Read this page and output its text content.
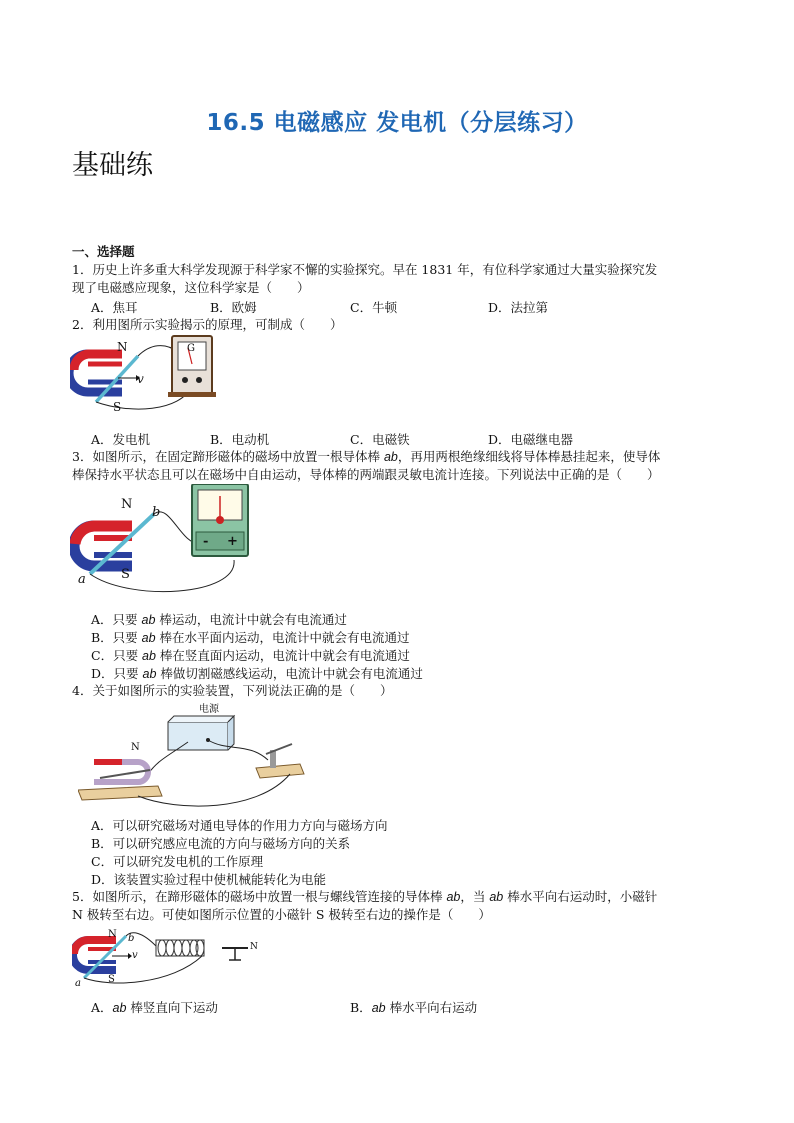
16.5 电磁感应 发电机（分层练习）
基础练
一、选择题
1．历史上许多重大科学发现源于科学家不懈的实验探究。早在 1831 年，有位科学家通过大量实验探究发
现了电磁感应现象，这位科学家是（　　）
A．焦耳	B．欧姆	C．牛顿	D．法拉第
2．利用图所示实验揭示的原理，可制成（　　）
N
S
v
G
A．发电机	B．电动机	C．电磁铁	D．电磁继电器
3．如图所示，在固定蹄形磁体的磁场中放置一根导体棒 ab，再用两根绝缘细线将导体棒悬挂起来，使导体
棒保持水平状态且可以在磁场中自由运动，导体棒的两端跟灵敏电流计连接。下列说法中正确的是（　　）
N
S
a
b
- +
A．只要 ab 棒运动，电流计中就会有电流通过
B．只要 ab 棒在水平面内运动，电流计中就会有电流通过
C．只要 ab 棒在竖直面内运动，电流计中就会有电流通过
D．只要 ab 棒做切割磁感线运动，电流计中就会有电流通过
4．关于如图所示的实验装置，下列说法正确的是（　　）
电源
N
A．可以研究磁场对通电导体的作用力方向与磁场方向
B．可以研究感应电流的方向与磁场方向的关系
C．可以研究发电机的工作原理
D．该装置实验过程中使机械能转化为电能
5．如图所示，在蹄形磁体的磁场中放置一根与螺线管连接的导体棒 ab，当 ab 棒水平向右运动时，小磁针
N 极转至右边。可使如图所示位置的小磁针 S 极转至右边的操作是（　　）
N
S
a
b
v
N
A．ab 棒竖直向下运动	B．ab 棒水平向右运动
